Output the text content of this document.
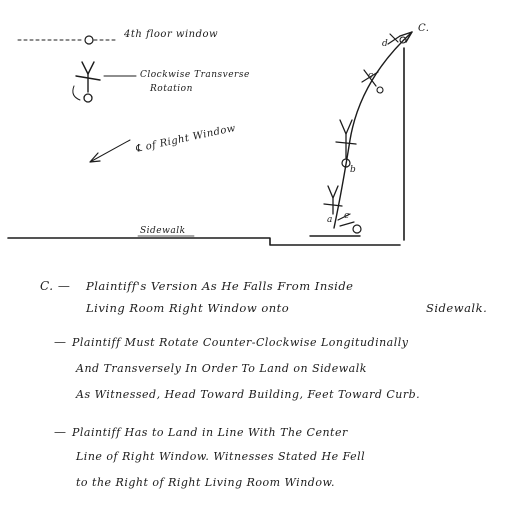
4th floor window
Clockwise Transverse
Rotation
℄ of Right Window
C.
d
c
b
a e
Sidewalk
C. — Plaintiff's Version As He Falls From Inside
Living Room Right Window onto	Sidewalk.
— Plaintiff Must Rotate Counter-Clockwise Longitudinally
And Transversely In Order To Land on Sidewalk
As Witnessed, Head Toward Building, Feet Toward Curb.
— Plaintiff Has to Land in Line With The Center
Line of Right Window. Witnesses Stated He Fell
to the Right of Right Living Room Window.
